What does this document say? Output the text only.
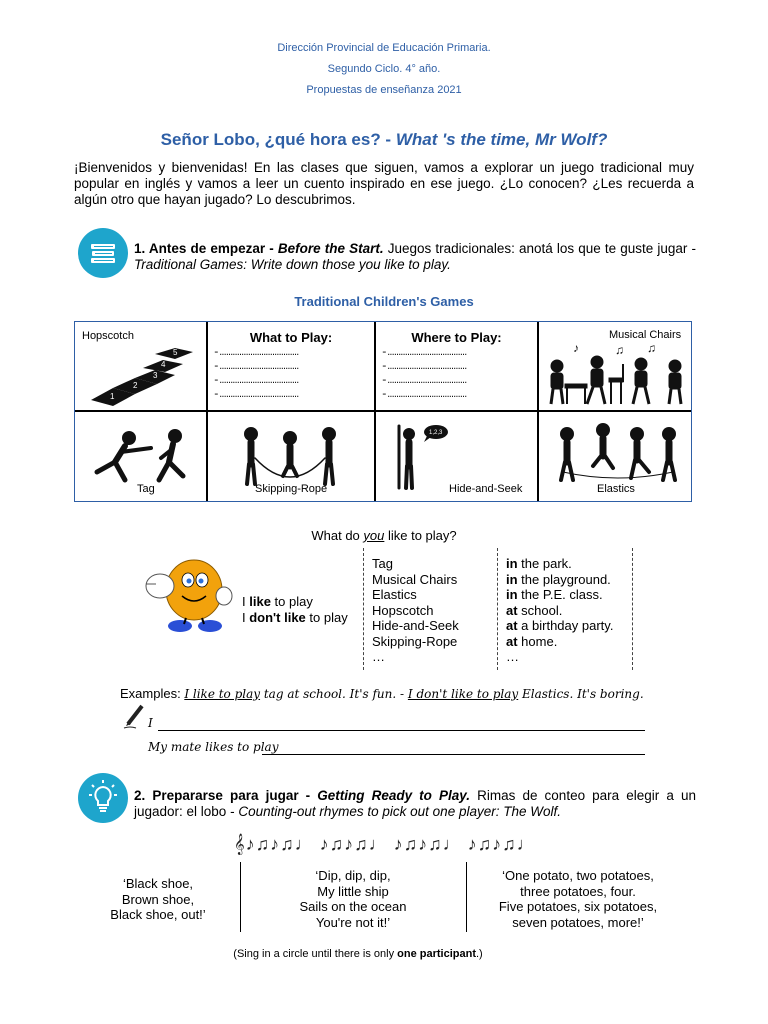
Dirección Provincial de Educación Primaria.
Segundo Ciclo. 4° año.
Propuestas de enseñanza 2021
Señor Lobo, ¿qué hora es? - What 's the time, Mr Wolf?
¡Bienvenidos y bienvenidas! En las clases que siguen, vamos a explorar un juego tradicional muy popular en inglés y vamos a leer un cuento inspirado en ese juego. ¿Lo conocen? ¿Les recuerda a algún otro que hayan jugado? Lo descubrimos.
1. Antes de empezar - Before the Start. Juegos tradicionales: anotá los que te guste jugar - Traditional Games: Write down those you like to play.
Traditional Children's Games
Hopscotch
1
2
3
4
5
What to Play:
-………………………………
-………………………………
-………………………………
-………………………………
Where to Play:
-………………………………
-………………………………
-………………………………
-………………………………
Musical Chairs
♪	♫ ♫
Tag	Skipping-Rope
1,2,3
Hide-and-Seek	Elastics
What do you like to play?
I like to play
I don't like to play
Tag
Musical Chairs
Elastics
Hopscotch
Hide-and-Seek
Skipping-Rope
…
in the park.
in the playground.
in the P.E. class.
at school.
at a birthday party.
at home.
…
Examples: I like to play tag at school. It's fun. - I don't like to play Elastics. It's boring.
I
My mate likes to play
2. Prepararse para jugar - Getting Ready to Play. Rimas de conteo para elegir a un jugador: el lobo - Counting-out rhymes to pick out one player: The Wolf.
𝄞♪♫♪♫♩ ♪♫♪♫♩ ♪♫♪♫♩ ♪♫♪♫♩
‘Black shoe,
Brown shoe,
Black shoe, out!’
‘Dip, dip, dip,
My little ship
Sails on the ocean
You're not it!’
‘One potato, two potatoes,
three potatoes, four.
Five potatoes, six potatoes,
seven potatoes, more!’
(Sing in a circle until there is only one participant.)
